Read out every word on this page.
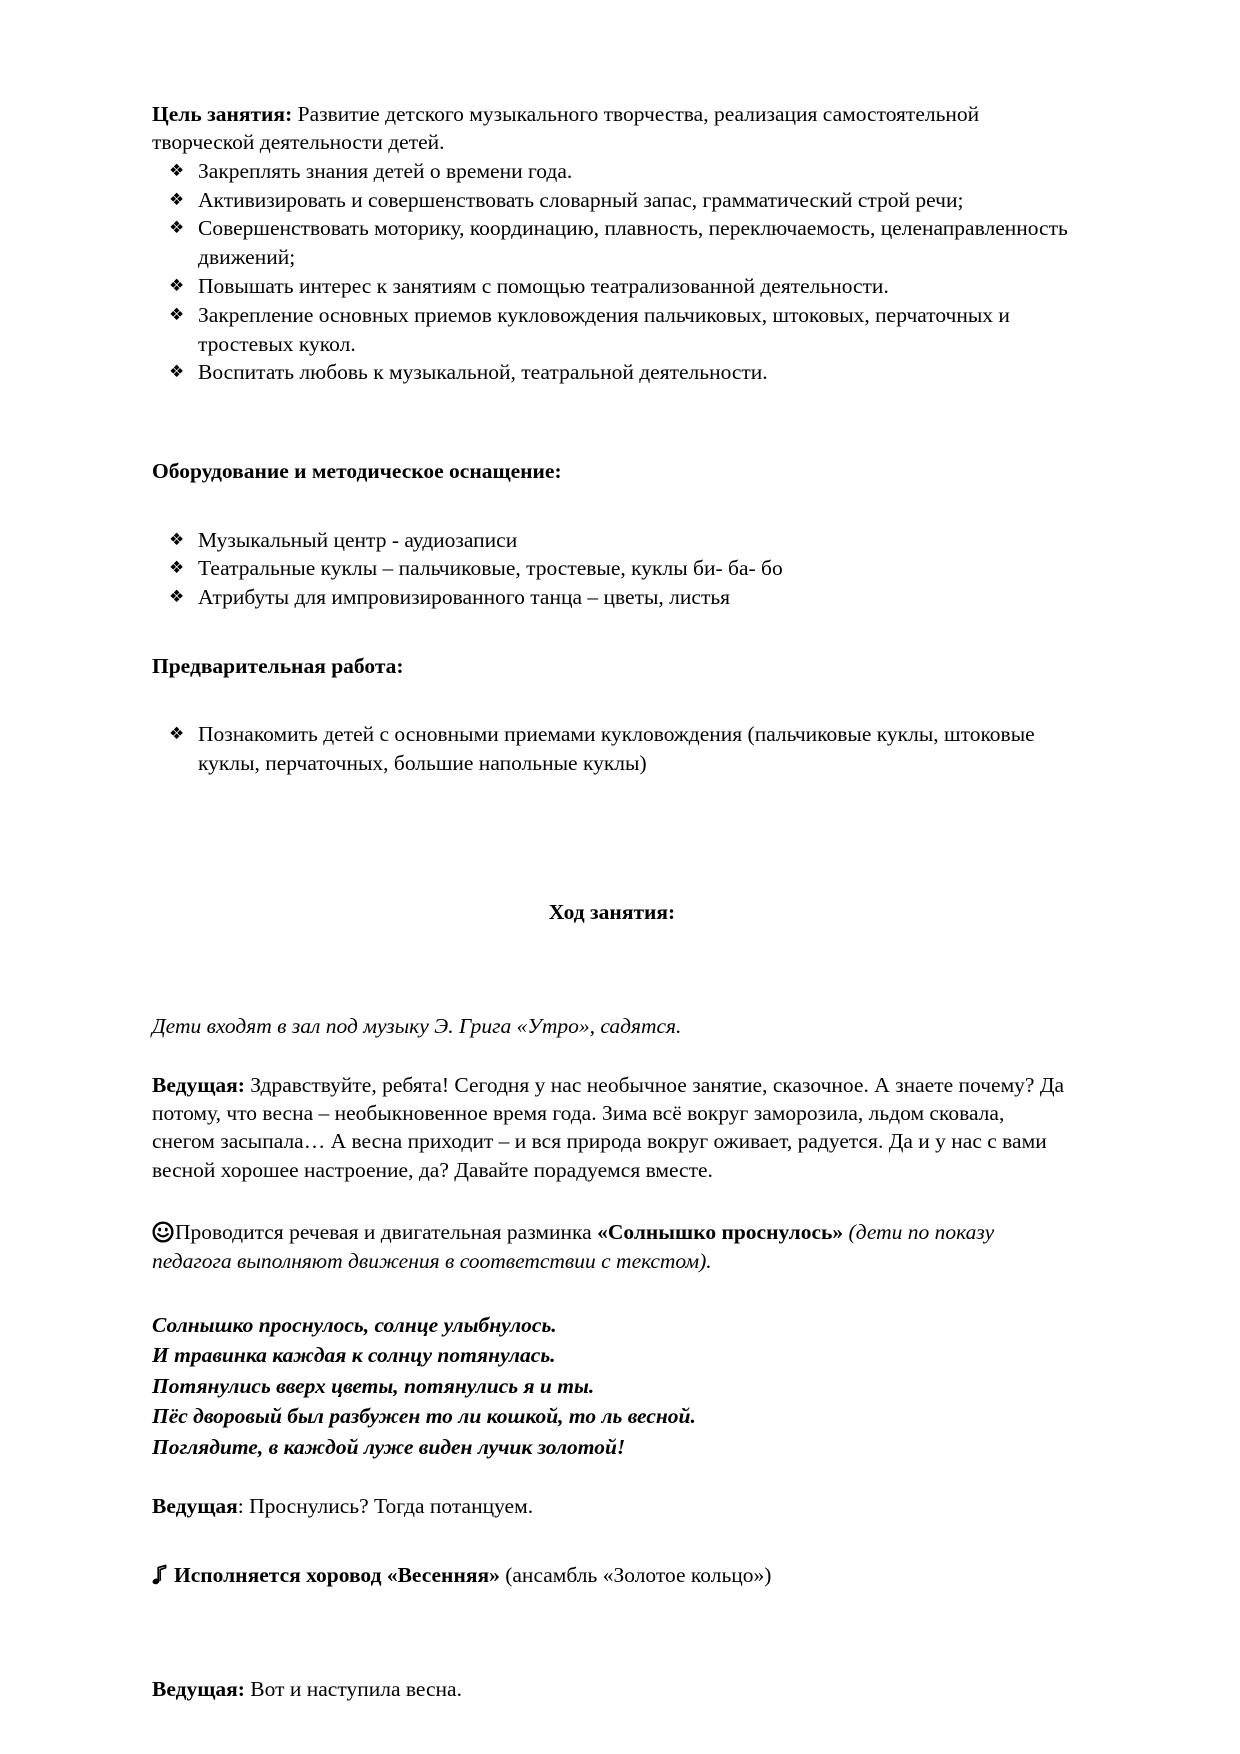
Цель занятия: Развитие детского музыкального творчества, реализация самостоятельной творческой деятельности детей.

❖ Закреплять знания детей о времени года.
❖ Активизировать и совершенствовать словарный запас, грамматический строй речи;
❖ Совершенствовать моторику, координацию, плавность, переключаемость, целенаправленность движений;
❖ Повышать интерес к занятиям с помощью театрализованной деятельности.
❖ Закрепление основных приемов кукловождения пальчиковых, штоковых, перчаточных и тростевых кукол.
❖ Воспитать любовь к музыкальной, театральной деятельности.

Оборудование и методическое оснащение:

❖ Музыкальный центр - аудиозаписи
❖ Театральные куклы – пальчиковые, тростевые, куклы би- ба- бо
❖ Атрибуты для импровизированного танца – цветы, листья

Предварительная работа:

❖ Познакомить детей с основными приемами кукловождения (пальчиковые куклы, штоковые куклы, перчаточных, большие напольные куклы)

Ход занятия:

Дети входят в зал под музыку Э. Грига «Утро», садятся.

Ведущая: Здравствуйте, ребята! Сегодня у нас необычное занятие, сказочное. А знаете почему? Да потому, что весна – необыкновенное время года. Зима всё вокруг заморозила, льдом сковала, снегом засыпала… А весна приходит – и вся природа вокруг оживает, радуется. Да и у нас с вами весной хорошее настроение, да? Давайте порадуемся вместе.

Проводится речевая и двигательная разминка «Солнышко проснулось» (дети по показу педагога выполняют движения в соответствии с текстом).

Солнышко проснулось, солнце улыбнулось.
И травинка каждая к солнцу потянулась.
Потянулись вверх цветы, потянулись я и ты.
Пёс дворовый был разбужен то ли кошкой, то ль весной.
Поглядите, в каждой луже виден лучик золотой!

Ведущая: Проснулись? Тогда потанцуем.

Исполняется хоровод «Весенняя» (ансамбль «Золотое кольцо»)

Ведущая: Вот и наступила весна.
